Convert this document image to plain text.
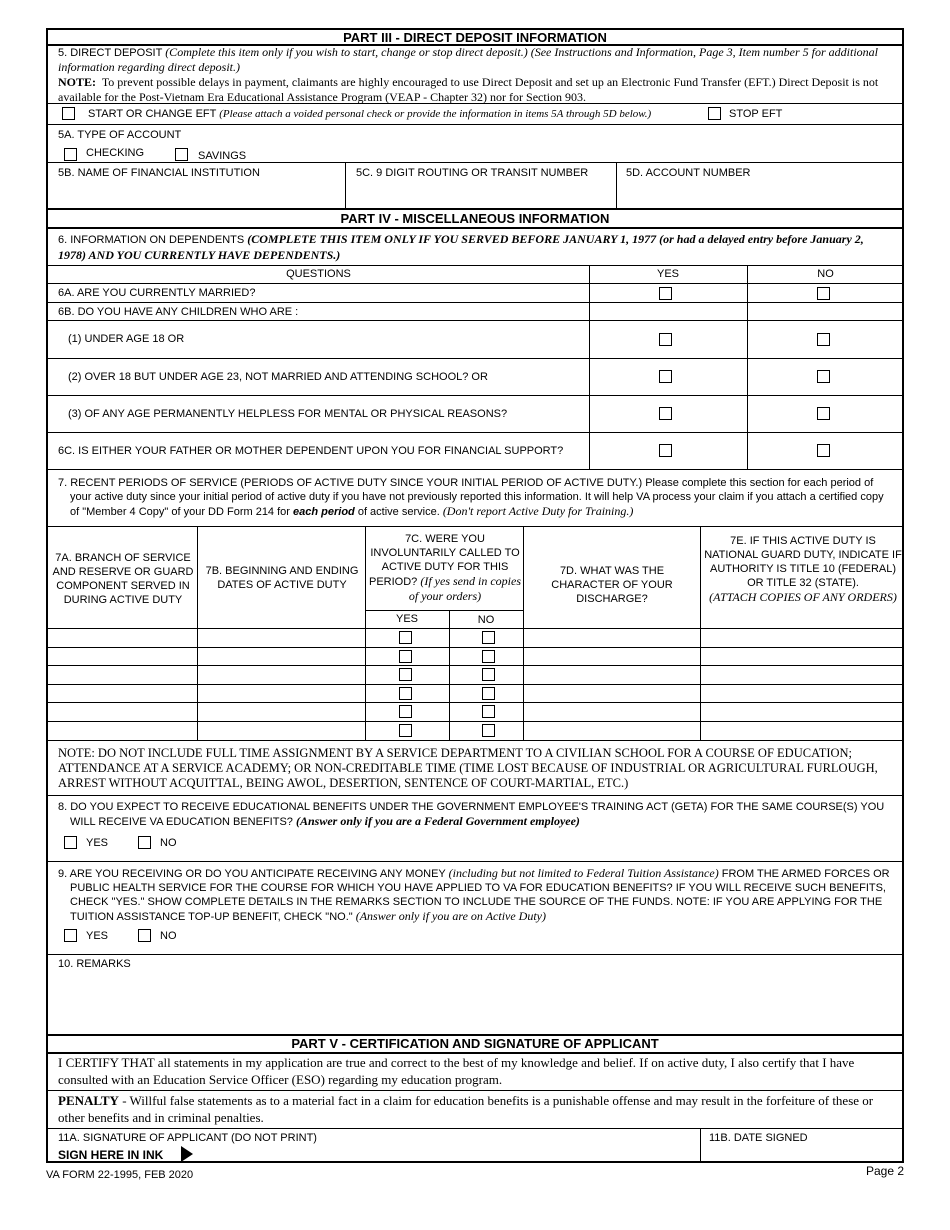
PART III - DIRECT DEPOSIT INFORMATION
5. DIRECT DEPOSIT (Complete this item only if you wish to start, change or stop direct deposit.) (See Instructions and Information, Page 3, Item number 5 for additional information regarding direct deposit.)
NOTE: To prevent possible delays in payment, claimants are highly encouraged to use Direct Deposit and set up an Electronic Fund Transfer (EFT.) Direct Deposit is not available for the Post-Vietnam Era Educational Assistance Program (VEAP - Chapter 32) nor for Section 903.
START OR CHANGE EFT (Please attach a voided personal check or provide the information in items 5A through 5D below.)	STOP EFT
5A. TYPE OF ACCOUNT
CHECKING	SAVINGS
5B. NAME OF FINANCIAL INSTITUTION	5C. 9 DIGIT ROUTING OR TRANSIT NUMBER	5D. ACCOUNT NUMBER
PART IV - MISCELLANEOUS INFORMATION
6. INFORMATION ON DEPENDENTS (COMPLETE THIS ITEM ONLY IF YOU SERVED BEFORE JANUARY 1, 1977 (or had a delayed entry before January 2, 1978) AND YOU CURRENTLY HAVE DEPENDENTS.)
QUESTIONS	YES	NO
6A. ARE YOU CURRENTLY MARRIED?
6B. DO YOU HAVE ANY CHILDREN WHO ARE :
(1) UNDER AGE 18 OR
(2) OVER 18 BUT UNDER AGE 23, NOT MARRIED AND ATTENDING SCHOOL? OR
(3) OF ANY AGE PERMANENTLY HELPLESS FOR MENTAL OR PHYSICAL REASONS?
6C. IS EITHER YOUR FATHER OR MOTHER DEPENDENT UPON YOU FOR FINANCIAL SUPPORT?
7. RECENT PERIODS OF SERVICE (PERIODS OF ACTIVE DUTY SINCE YOUR INITIAL PERIOD OF ACTIVE DUTY.) Please complete this section for each period of your active duty since your initial period of active duty if you have not previously reported this information. It will help VA process your claim if you attach a certified copy of "Member 4 Copy" of your DD Form 214 for each period of active service. (Don't report Active Duty for Training.)
7A. BRANCH OF SERVICE AND RESERVE OR GUARD COMPONENT SERVED IN DURING ACTIVE DUTY
7B. BEGINNING AND ENDING DATES OF ACTIVE DUTY
7C. WERE YOU INVOLUNTARILY CALLED TO ACTIVE DUTY FOR THIS PERIOD? (If yes send in copies of your orders)
YES	NO
7D. WHAT WAS THE CHARACTER OF YOUR DISCHARGE?
7E. IF THIS ACTIVE DUTY IS NATIONAL GUARD DUTY, INDICATE IF AUTHORITY IS TITLE 10 (FEDERAL) OR TITLE 32 (STATE).
(ATTACH COPIES OF ANY ORDERS)
NOTE: DO NOT INCLUDE FULL TIME ASSIGNMENT BY A SERVICE DEPARTMENT TO A CIVILIAN SCHOOL FOR A COURSE OF EDUCATION; ATTENDANCE AT A SERVICE ACADEMY; OR NON-CREDITABLE TIME (TIME LOST BECAUSE OF INDUSTRIAL OR AGRICULTURAL FURLOUGH, ARREST WITHOUT ACQUITTAL, BEING AWOL, DESERTION, SENTENCE OF COURT-MARTIAL, ETC.)
8. DO YOU EXPECT TO RECEIVE EDUCATIONAL BENEFITS UNDER THE GOVERNMENT EMPLOYEE'S TRAINING ACT (GETA) FOR THE SAME COURSE(S) YOU WILL RECEIVE VA EDUCATION BENEFITS? (Answer only if you are a Federal Government employee)
YES	NO
9. ARE YOU RECEIVING OR DO YOU ANTICIPATE RECEIVING ANY MONEY (including but not limited to Federal Tuition Assistance) FROM THE ARMED FORCES OR PUBLIC HEALTH SERVICE FOR THE COURSE FOR WHICH YOU HAVE APPLIED TO VA FOR EDUCATION BENEFITS? IF YOU WILL RECEIVE SUCH BENEFITS, CHECK "YES." SHOW COMPLETE DETAILS IN THE REMARKS SECTION TO INCLUDE THE SOURCE OF THE FUNDS. NOTE: IF YOU ARE APPLYING FOR THE TUITION ASSISTANCE TOP-UP BENEFIT, CHECK "NO." (Answer only if you are on Active Duty)
YES	NO
10. REMARKS
PART V - CERTIFICATION AND SIGNATURE OF APPLICANT
I CERTIFY THAT all statements in my application are true and correct to the best of my knowledge and belief. If on active duty, I also certify that I have consulted with an Education Service Officer (ESO) regarding my education program.
PENALTY - Willful false statements as to a material fact in a claim for education benefits is a punishable offense and may result in the forfeiture of these or other benefits and in criminal penalties.
11A. SIGNATURE OF APPLICANT (DO NOT PRINT)
SIGN HERE IN INK
11B. DATE SIGNED
VA FORM 22-1995, FEB 2020	Page 2
